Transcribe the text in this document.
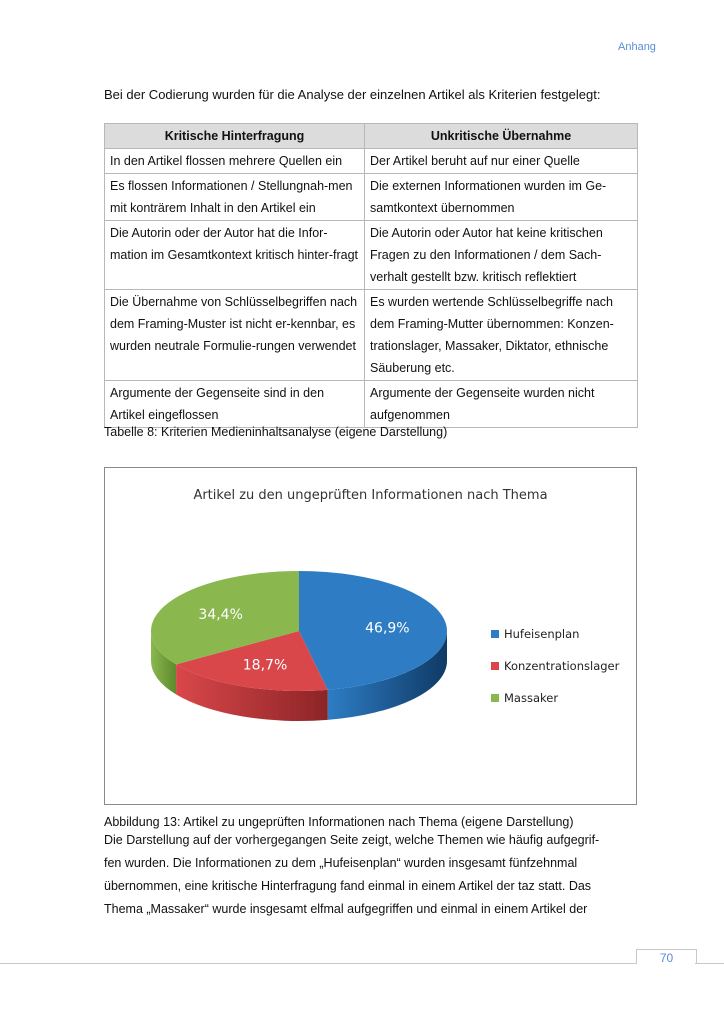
Anhang
Bei der Codierung wurden für die Analyse der einzelnen Artikel als Kriterien festgelegt:
Kritische Hinterfragung	Unkritische Übernahme
In den Artikel flossen mehrere Quellen ein	Der Artikel beruht auf nur einer Quelle
Es flossen Informationen / Stellungnah-men mit konträrem Inhalt in den Artikel ein	Die externen Informationen wurden im Ge-samtkontext übernommen
Die Autorin oder der Autor hat die Infor-mation im Gesamtkontext kritisch hinter-fragt	Die Autorin oder Autor hat keine kritischen Fragen zu den Informationen / dem Sach-verhalt gestellt bzw. kritisch reflektiert
Die Übernahme von Schlüsselbegriffen nach dem Framing-Muster ist nicht er-kennbar, es wurden neutrale Formulie-rungen verwendet	Es wurden wertende Schlüsselbegriffe nach dem Framing-Mutter übernommen: Konzen-trationslager, Massaker, Diktator, ethnische Säuberung etc.
Argumente der Gegenseite sind in den Artikel eingeflossen	Argumente der Gegenseite wurden nicht aufgenommen
Tabelle 8: Kriterien Medieninhaltsanalyse (eigene Darstellung)
Artikel zu den ungeprüften Informationen nach Thema
46,9%
18,7%
34,4%
Hufeisenplan
Konzentrationslager
Massaker
Abbildung 13: Artikel zu ungeprüften Informationen nach Thema (eigene Darstellung)

Die Darstellung auf der vorhergegangen Seite zeigt, welche Themen wie häufig aufgegrif-

fen wurden. Die Informationen zu dem „Hufeisenplan“ wurden insgesamt fünfzehnmal

übernommen, eine kritische Hinterfragung fand einmal in einem Artikel der taz statt. Das

Thema „Massaker“ wurde insgesamt elfmal aufgegriffen und einmal in einem Artikel der

70
